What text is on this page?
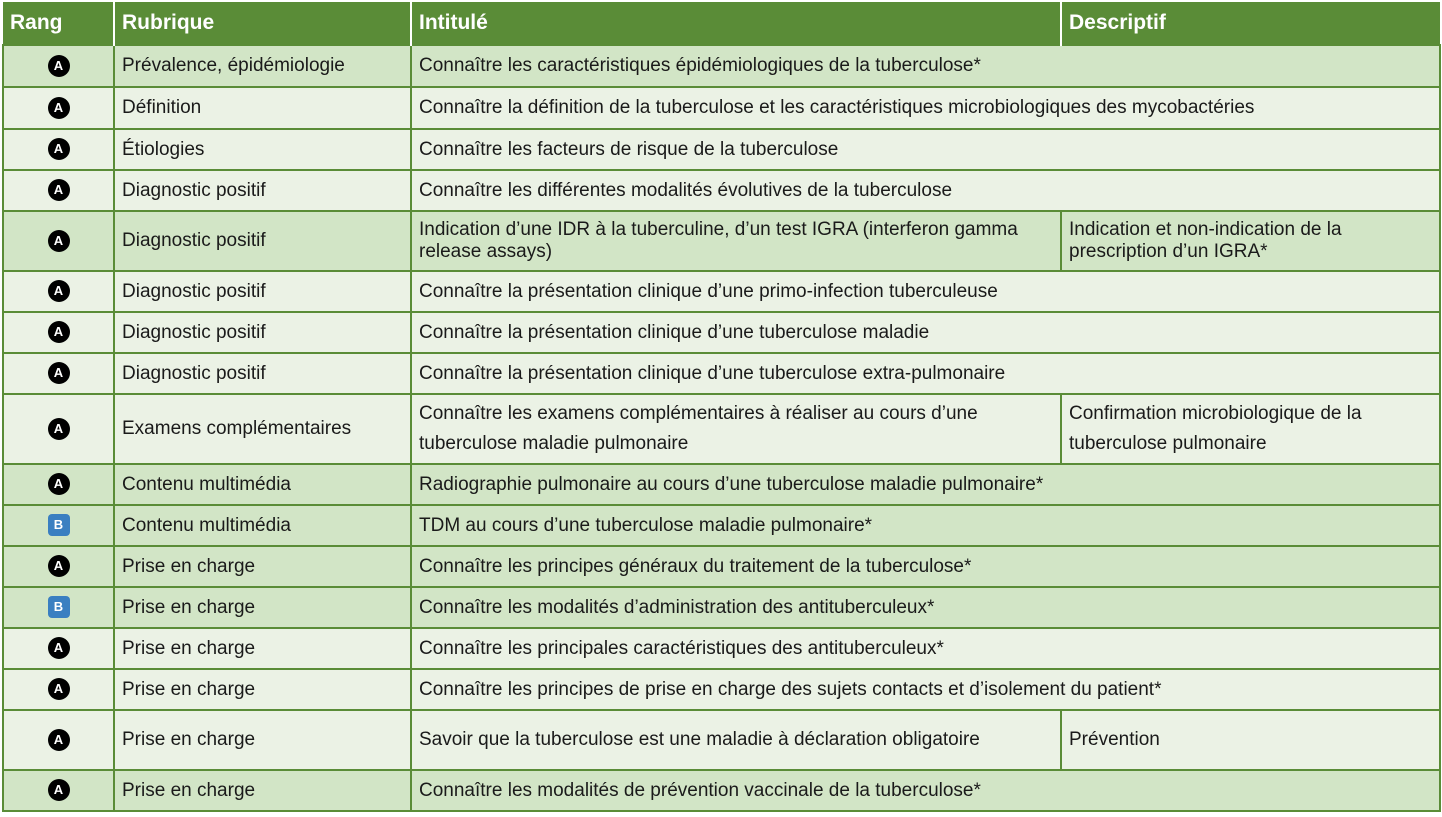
Rang	Rubrique	Intitulé	Descriptif
A	Prévalence, épidémiologie	Connaître les caractéristiques épidémiologiques de la tuberculose*	
A	Définition	Connaître la définition de la tuberculose et les caractéristiques microbiologiques des mycobactéries	
A	Étiologies	Connaître les facteurs de risque de la tuberculose	
A	Diagnostic positif	Connaître les différentes modalités évolutives de la tuberculose	
A	Diagnostic positif	Indication d’une IDR à la tuberculine, d’un test IGRA (interferon gamma release assays)	Indication et non-indication de la prescription d’un IGRA*
A	Diagnostic positif	Connaître la présentation clinique d’une primo-infection tuberculeuse	
A	Diagnostic positif	Connaître la présentation clinique d’une tuberculose maladie	
A	Diagnostic positif	Connaître la présentation clinique d’une tuberculose extra-pulmonaire	
A	Examens complémentaires	Connaître les examens complémentaires à réaliser au cours d’une tuberculose maladie pulmonaire	Confirmation microbiologique de la tuberculose pulmonaire
A	Contenu multimédia	Radiographie pulmonaire au cours d’une tuberculose maladie pulmonaire*	
B	Contenu multimédia	TDM au cours d’une tuberculose maladie pulmonaire*	
A	Prise en charge	Connaître les principes généraux du traitement de la tuberculose*	
B	Prise en charge	Connaître les modalités d’administration des antituberculeux*	
A	Prise en charge	Connaître les principales caractéristiques des antituberculeux*	
A	Prise en charge	Connaître les principes de prise en charge des sujets contacts et d’isolement du patient*	
A	Prise en charge	Savoir que la tuberculose est une maladie à déclaration obligatoire	Prévention
A	Prise en charge	Connaître les modalités de prévention vaccinale de la tuberculose*	
